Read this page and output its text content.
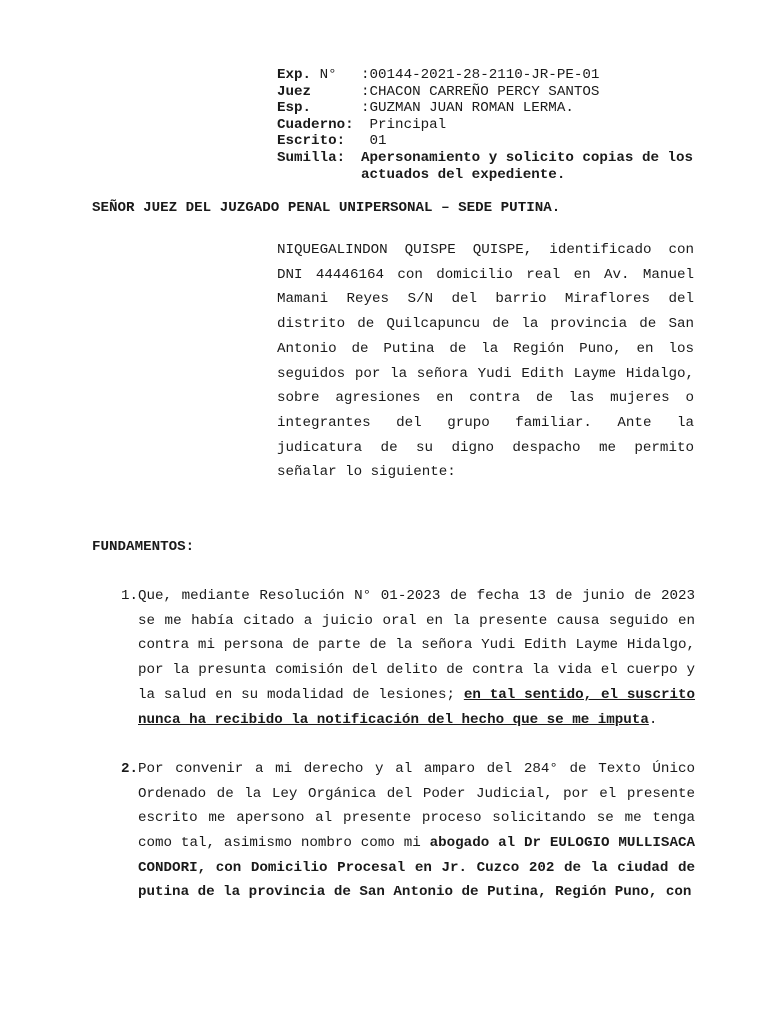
Exp. N°	:00144-2021-28-2110-JR-PE-01
Juez	:CHACON CARREÑO PERCY SANTOS
Esp.	:GUZMAN JUAN ROMAN LERMA.
Cuaderno: Principal
Escrito:	01
Sumilla:	Apersonamiento y solicito copias de los actuados del expediente.
SEÑOR JUEZ DEL JUZGADO PENAL UNIPERSONAL – SEDE PUTINA.
NIQUEGALINDON QUISPE QUISPE, identificado con DNI 44446164 con domicilio real en Av. Manuel Mamani Reyes S/N del barrio Miraflores del distrito de Quilcapuncu de la provincia de San Antonio de Putina de la Región Puno, en los seguidos por la señora Yudi Edith Layme Hidalgo, sobre agresiones en contra de las mujeres o integrantes del grupo familiar. Ante la judicatura de su digno despacho me permito señalar lo siguiente:
FUNDAMENTOS:
1. Que, mediante Resolución N° 01-2023 de fecha 13 de junio de 2023 se me había citado a juicio oral en la presente causa seguido en contra mi persona de parte de la señora Yudi Edith Layme Hidalgo, por la presunta comisión del delito de contra la vida el cuerpo y la salud en su modalidad de lesiones; en tal sentido, el suscrito nunca ha recibido la notificación del hecho que se me imputa.
2. Por convenir a mi derecho y al amparo del 284° de Texto Único Ordenado de la Ley Orgánica del Poder Judicial, por el presente escrito me apersono al presente proceso solicitando se me tenga como tal, asimismo nombro como mi abogado al Dr EULOGIO MULLISACA CONDORI, con Domicilio Procesal en Jr. Cuzco 202 de la ciudad de putina de la provincia de San Antonio de Putina, Región Puno, con
